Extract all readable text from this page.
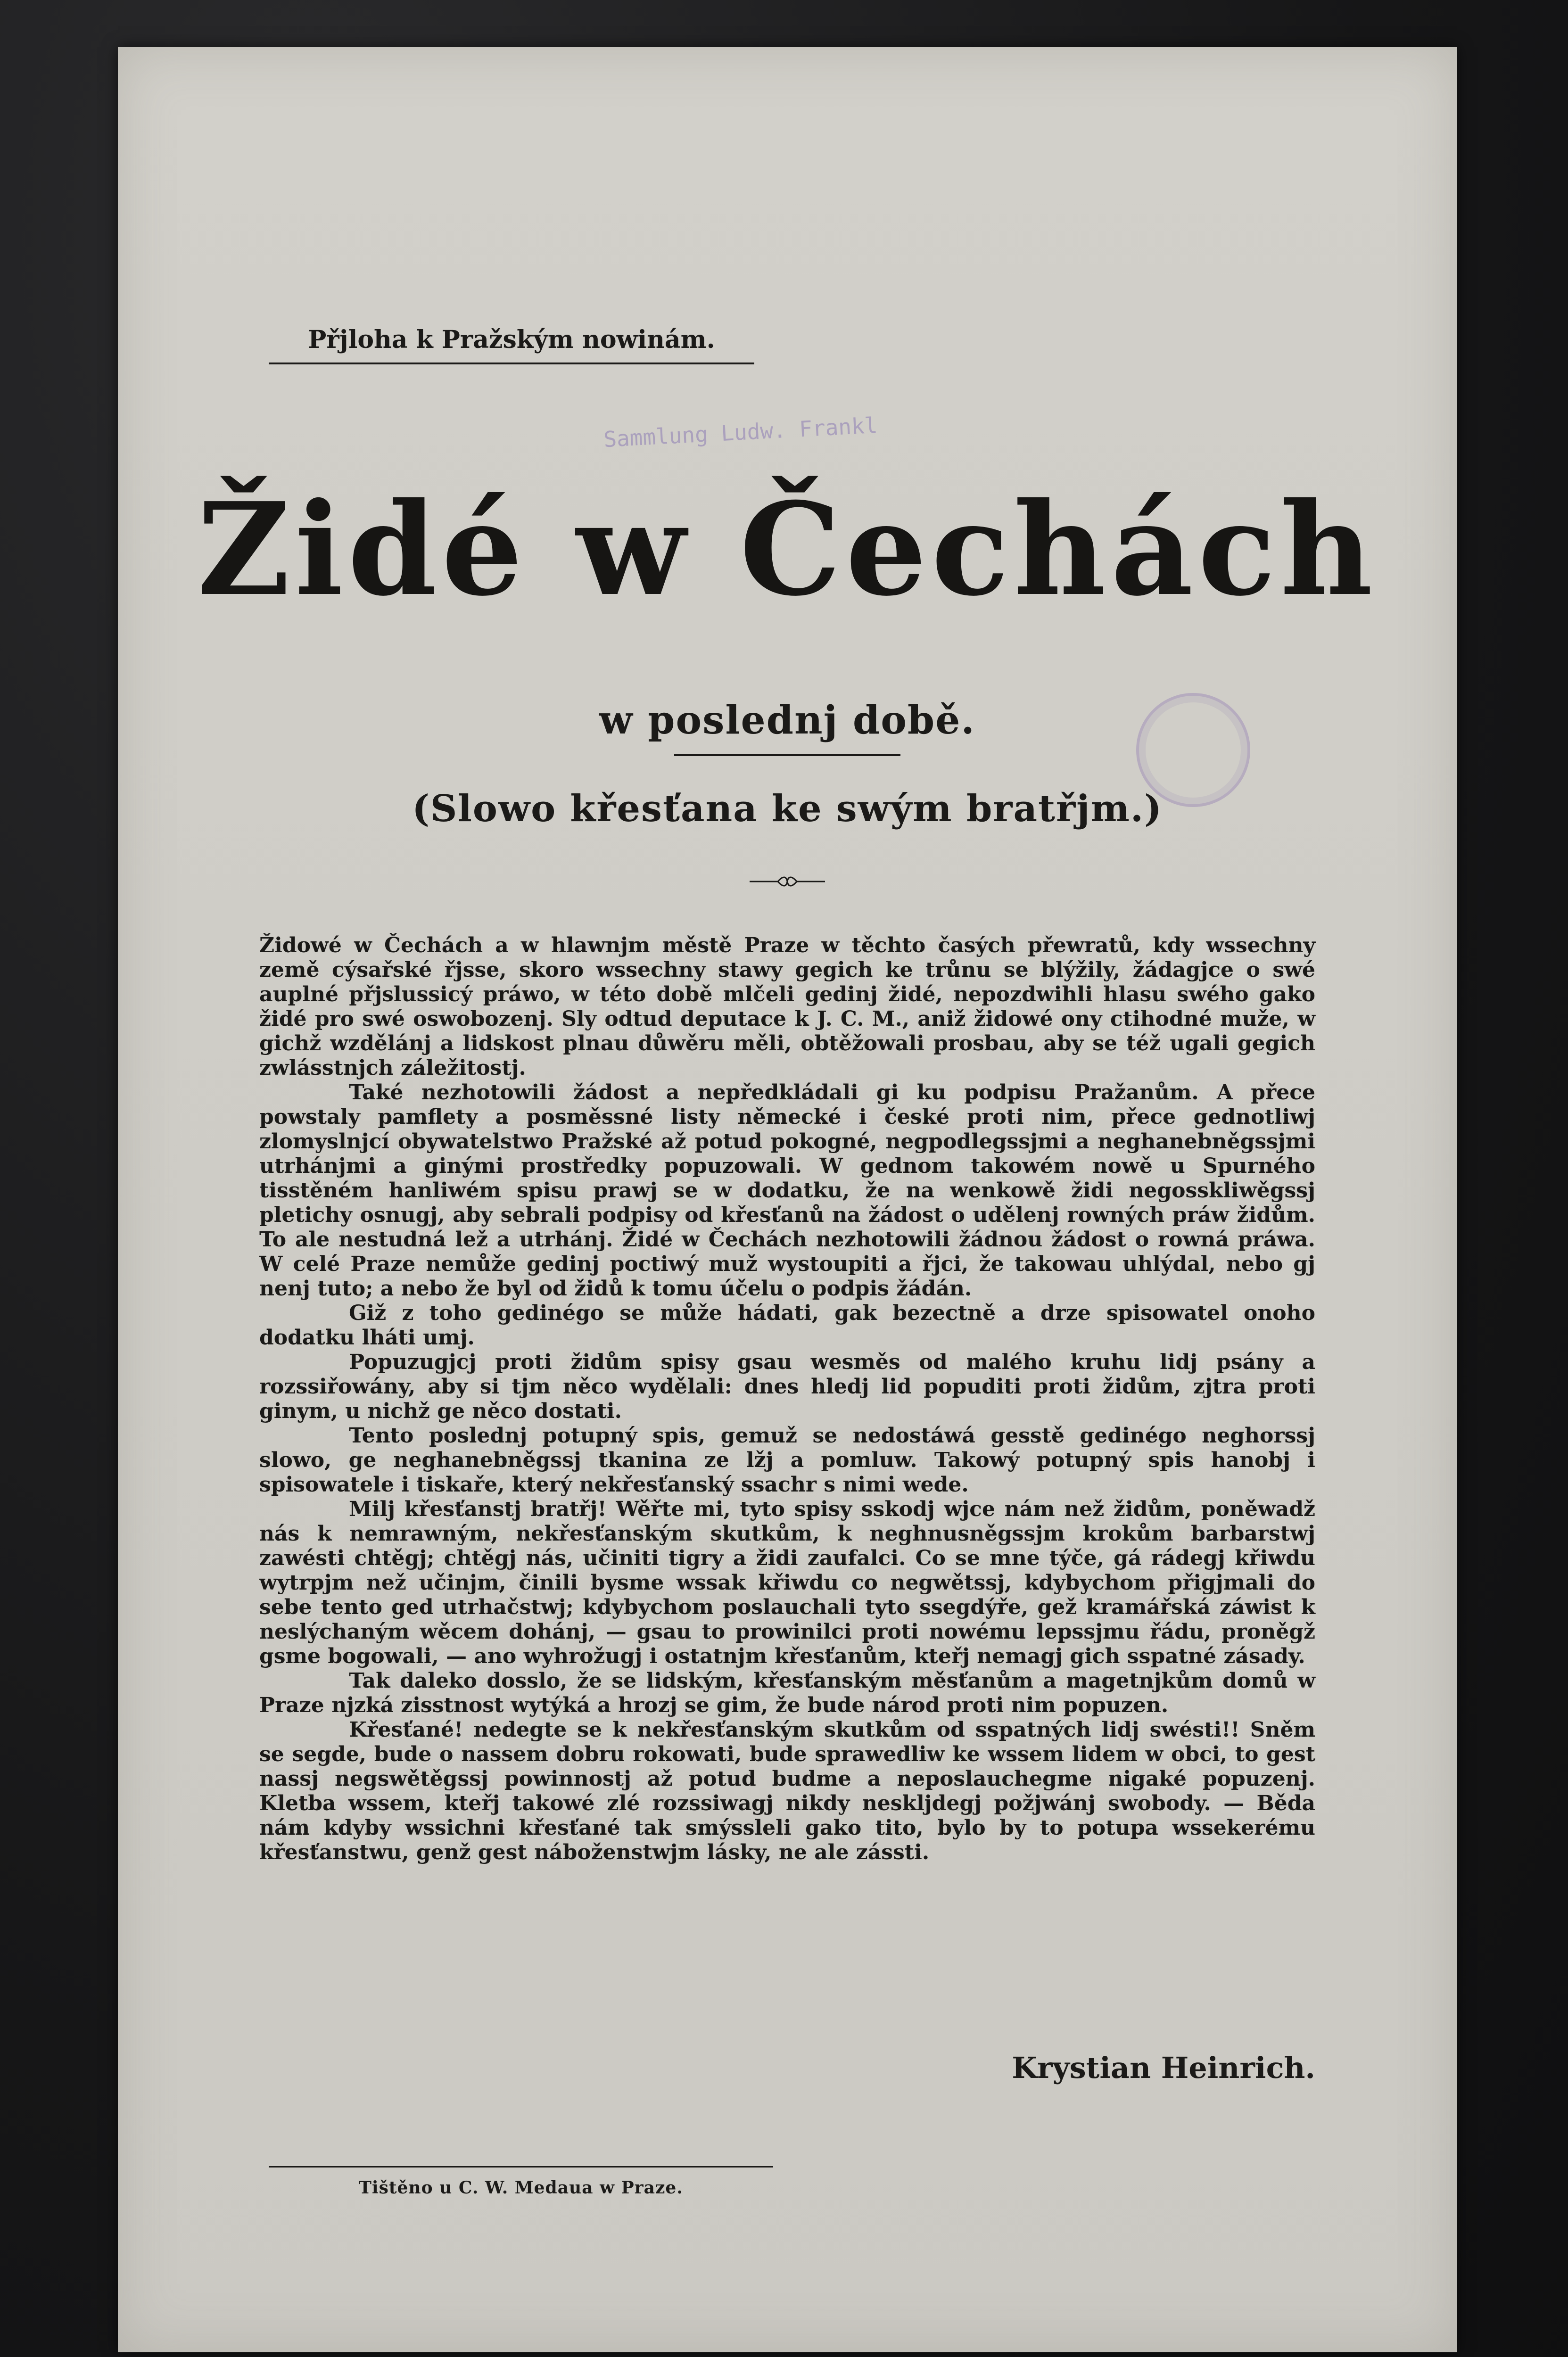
Sammlung Ludw. Frankl
Přjloha k Pražským nowinám.
Židé w Čechách
w poslednj době.
(Slowo křesťana ke swým bratřjm.)

Židowé w Čechách a w hlawnjm městě Praze w těchto časých přewratů, kdy wssechny země cýsařské řjsse, skoro wssechny stawy gegich ke trůnu se blýžily, žádagjce o swé auplné přjslussicý práwo, w této době mlčeli gedinj židé, nepozdwihli hlasu swého gako židé pro swé oswobozenj. Sly odtud deputace k J. C. M., aniž židowé ony ctihodné muže, w gichž wzdělánj a lidskost plnau důwěru měli, obtěžowali prosbau, aby se též ugali gegich zwlásstnjch záležitostj.

Také nezhotowili žádost a nepředkládali gi ku podpisu Pražanům. A přece powstaly pamflety a posměssné listy německé i české proti nim, přece gednotliwj zlomyslnjcí obywatelstwo Pražské až potud pokogné, negpodlegssjmi a neghanebněgssjmi utrhánjmi a ginými prostředky popuzowali. W gednom takowém nowě u Spurného tisstěném hanliwém spisu prawj se w dodatku, že na wenkowě židi negosskliwěgssj pletichy osnugj, aby sebrali podpisy od křesťanů na žádost o udělenj rowných práw židům. To ale nestudná lež a utrhánj. Židé w Čechách nezhotowili žádnou žádost o rowná práwa. W celé Praze nemůže gedinj poctiwý muž wystoupiti a řjci, že takowau uhlýdal, nebo gj nenj tuto; a nebo že byl od židů k tomu účelu o podpis žádán.

Giž z toho gedinégo se může hádati, gak bezectně a drze spisowatel onoho dodatku lháti umj.

Popuzugjcj proti židům spisy gsau wesměs od malého kruhu lidj psány a rozssiřowány, aby si tjm něco wydělali: dnes hledj lid popuditi proti židům, zjtra proti ginym, u nichž ge něco dostati.

Tento poslednj potupný spis, gemuž se nedostáwá gesstě gedinégo neghorssj slowo, ge neghanebněgssj tkanina ze lžj a pomluw. Takowý potupný spis hanobj i spisowatele i tiskaře, který nekřesťanský ssachr s nimi wede.

Milj křesťanstj bratřj! Wěřte mi, tyto spisy sskodj wjce nám než židům, poněwadž nás k nemrawným, nekřesťanským skutkům, k neghnusněgssjm krokům barbarstwj zawésti chtěgj; chtěgj nás, učiniti tigry a židi zaufalci. Co se mne týče, gá rádegj křiwdu wytrpjm než učinjm, činili bysme wssak křiwdu co negwětssj, kdybychom přigjmali do sebe tento ged utrhačstwj; kdybychom poslauchali tyto ssegdýře, gež kramářská záwist k neslýchaným wěcem dohánj, — gsau to prowinilci proti nowému lepssjmu řádu, proněgž gsme bogowali, — ano wyhrožugj i ostatnjm křesťanům, kteřj nemagj gich sspatné zásady.

Tak daleko dosslo, že se lidským, křesťanským měsťanům a magetnjkům domů w Praze njzká zisstnost wytýká a hrozj se gim, že bude národ proti nim popuzen.

Křesťané! nedegte se k nekřesťanským skutkům od sspatných lidj swésti!! Sněm se segde, bude o nassem dobru rokowati, bude sprawedliw ke wssem lidem w obci, to gest nassj negswětěgssj powinnostj až potud budme a neposlauchegme nigaké popuzenj. Kletba wssem, kteřj takowé zlé rozssiwagj nikdy neskljdegj požjwánj swobody. — Běda nám kdyby wssichni křesťané tak smýssleli gako tito, bylo by to potupa wssekerému křesťanstwu, genž gest náboženstwjm lásky, ne ale zássti.

Krystian Heinrich.
Tištěno u C. W. Medaua w Praze.
